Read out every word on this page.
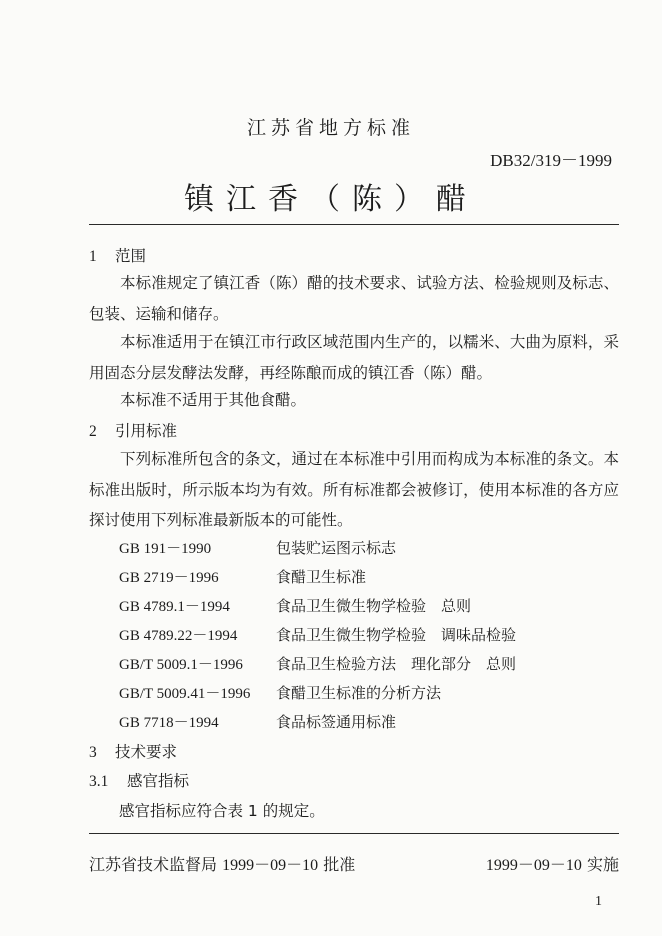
江苏省地方标准
DB32/319－1999
镇江香（陈）醋
1 范围

本标准规定了镇江香（陈）醋的技术要求、试验方法、检验规则及标志、包装、运输和储存。

本标准适用于在镇江市行政区域范围内生产的，以糯米、大曲为原料，采用固态分层发酵法发酵，再经陈酿而成的镇江香（陈）醋。

本标准不适用于其他食醋。

2 引用标准

下列标准所包含的条文，通过在本标准中引用而构成为本标准的条文。本标准出版时，所示版本均为有效。所有标准都会被修订，使用本标准的各方应探讨使用下列标准最新版本的可能性。

GB 191－1990	包装贮运图示标志
GB 2719－1996	食醋卫生标准
GB 4789.1－1994	食品卫生微生物学检验　总则
GB 4789.22－1994	食品卫生微生物学检验　调味品检验
GB/T 5009.1－1996 食品卫生检验方法　理化部分　总则
GB/T 5009.41－1996 食醋卫生标准的分析方法
GB 7718－1994	食品标签通用标准
3 技术要求
3.1 感官指标
感官指标应符合表 1 的规定。
江苏省技术监督局 1999－09－10 批准	1999－09－10 实施
1
